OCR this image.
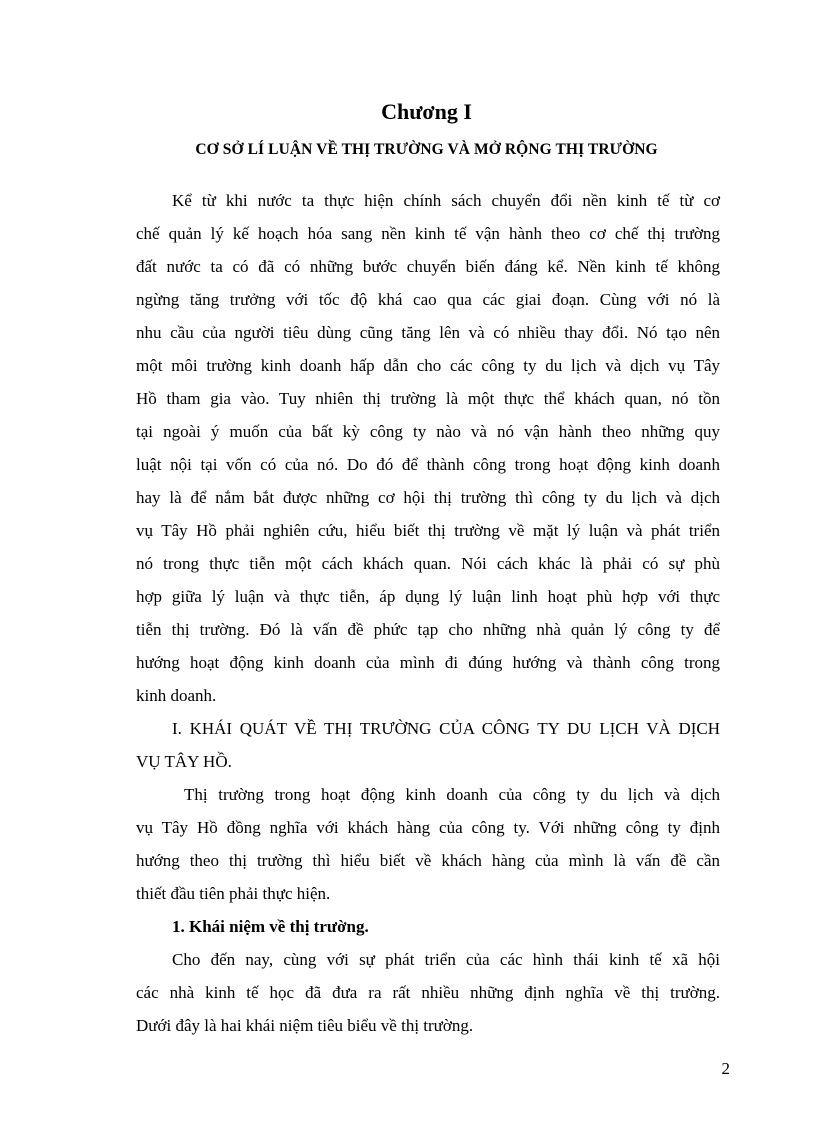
Chương I
CƠ SỞ LÍ LUẬN VỀ THỊ TRƯỜNG VÀ MỞ RỘNG THỊ TRƯỜNG
Kể từ khi nước ta thực hiện chính sách chuyển đổi nền kinh tế từ cơ
chế quản lý kế hoạch hóa sang nền kinh tế vận hành theo cơ chế thị trường
đất nước ta có đã có những bước chuyển biến đáng kể. Nền kinh tế không
ngừng tăng trưởng với tốc độ khá cao qua các giai đoạn. Cùng với nó là
nhu cầu của người tiêu dùng cũng tăng lên và có nhiều thay đổi. Nó tạo nên
một môi trường kinh doanh hấp dẫn cho các công ty du lịch và dịch vụ Tây
Hồ tham gia vào. Tuy nhiên thị trường là một thực thể khách quan, nó tồn
tại ngoài ý muốn của bất kỳ công ty nào và nó vận hành theo những quy
luật nội tại vốn có của nó. Do đó để thành công trong hoạt động kinh doanh
hay là để nắm bắt được những cơ hội thị trường thì công ty du lịch và dịch
vụ Tây Hồ phải nghiên cứu, hiểu biết thị trường về mặt lý luận và phát triển
nó trong thực tiễn một cách khách quan. Nói cách khác là phải có sự phù
hợp giữa lý luận và thực tiễn, áp dụng lý luận linh hoạt phù hợp với thực
tiễn thị trường. Đó là vấn đề phức tạp cho những nhà quản lý công ty để
hướng hoạt động kinh doanh của mình đi đúng hướng và thành công trong
kinh doanh.
I. KHÁI QUÁT VỀ THỊ TRƯỜNG CỦA CÔNG TY DU LỊCH VÀ DỊCH
VỤ TÂY HỒ.
Thị trường trong hoạt động kinh doanh của công ty du lịch và dịch
vụ Tây Hồ đồng nghĩa với khách hàng của công ty. Với những công ty định
hướng theo thị trường thì hiểu biết về khách hàng của mình là vấn đề cần
thiết đầu tiên phải thực hiện.
1. Khái niệm về thị trường.
Cho đến nay, cùng với sự phát triển của các hình thái kinh tế xã hội
các nhà kinh tế học đã đưa ra rất nhiều những định nghĩa về thị trường.
Dưới đây là hai khái niệm tiêu biểu về thị trường.
2
